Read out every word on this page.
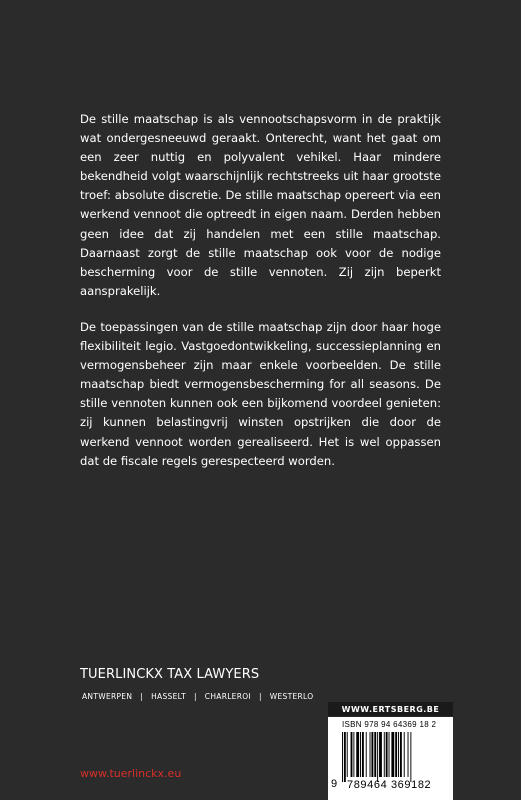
De stille maatschap is als vennootschapsvorm in de praktijk wat ondergesneeuwd geraakt. Onterecht, want het gaat om een zeer nuttig en polyvalent vehikel. Haar mindere bekendheid volgt waarschijnlijk rechtstreeks uit haar grootste troef: absolute discretie. De stille maatschap opereert via een werkend vennoot die optreedt in eigen naam. Derden hebben geen idee dat zij handelen met een stille maatschap. Daarnaast zorgt de stille maatschap ook voor de nodige bescherming voor de stille vennoten. Zij zijn beperkt aansprakelijk.

De toepassingen van de stille maatschap zijn door haar hoge flexibiliteit legio. Vastgoedontwikkeling, successieplanning en vermogensbeheer zijn maar enkele voorbeelden. De stille maatschap biedt vermogensbescherming for all seasons. De stille vennoten kunnen ook een bijkomend voordeel genieten: zij kunnen belastingvrij winsten opstrijken die door de werkend vennoot worden gerealiseerd. Het is wel oppassen dat de fiscale regels gerespecteerd worden.

TUERLINCKX TAX LAWYERS
ANTWERPEN | HASSELT | CHARLEROI | WESTERLO
www.tuerlinckx.eu
WWW.ERTSBERG.BE
ISBN 978 94 64369 18 2
9 789464 369182
